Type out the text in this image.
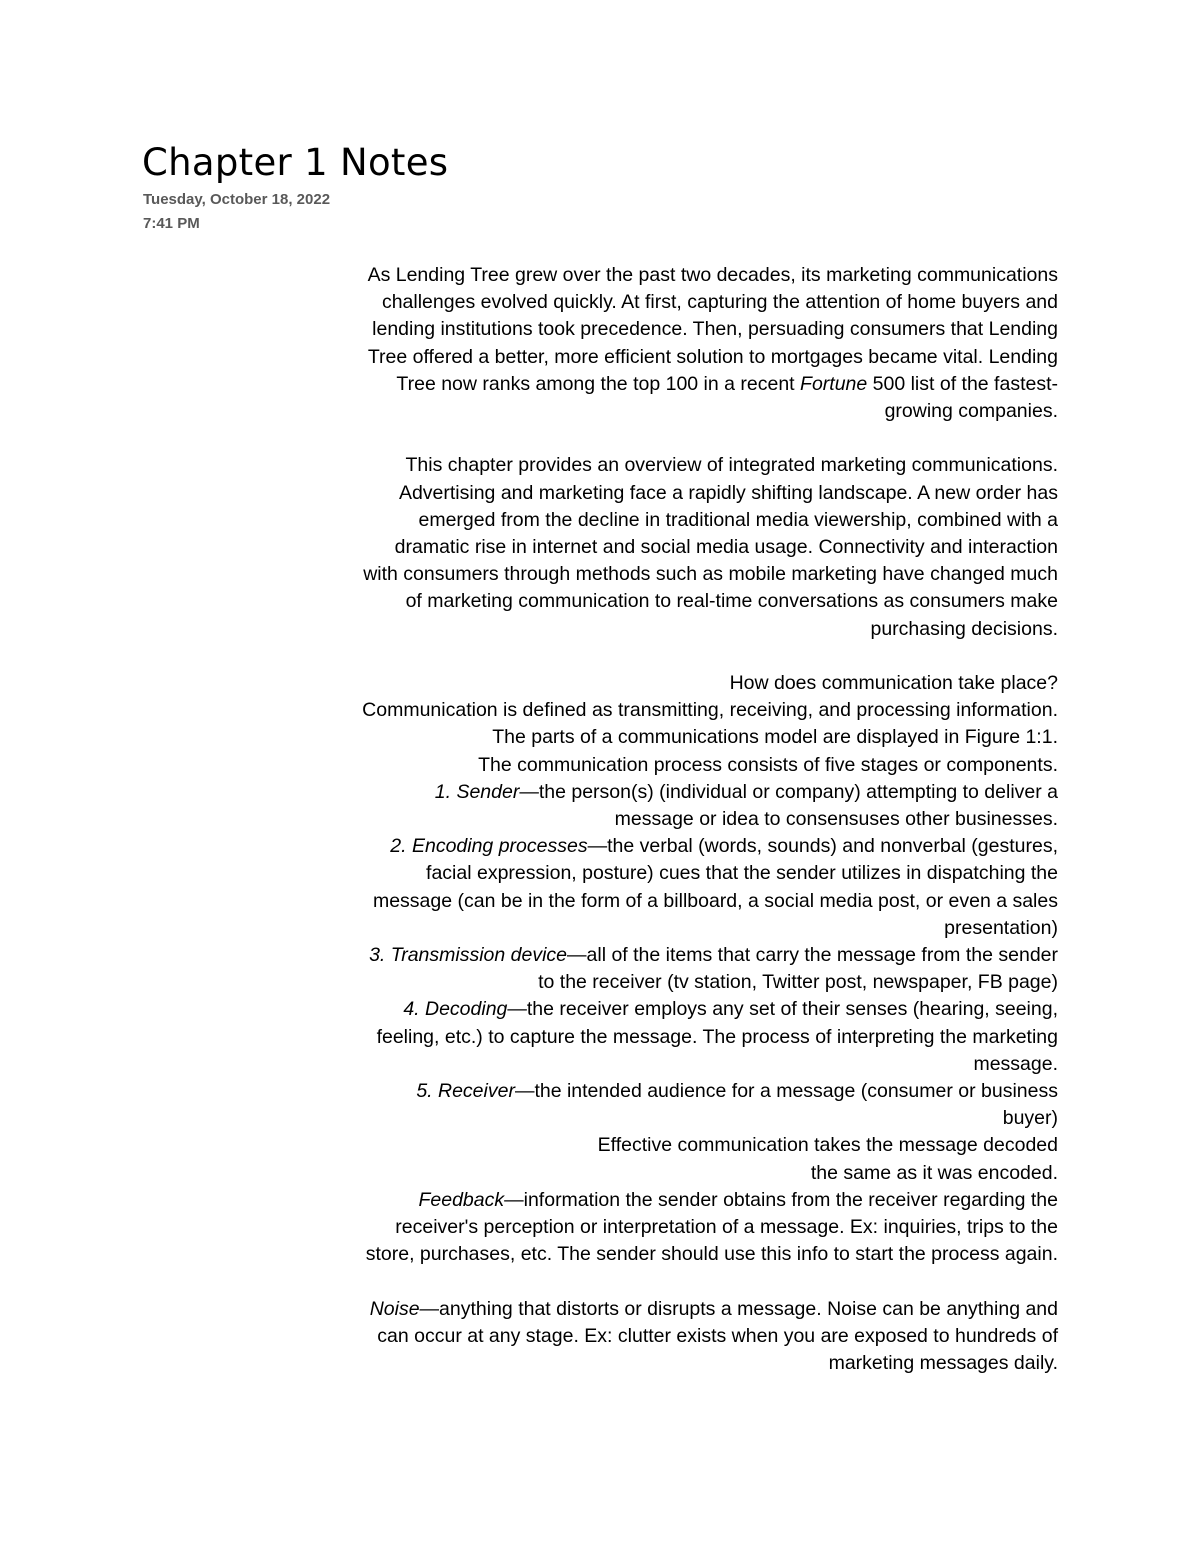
Chapter 1 Notes
Tuesday, October 18, 2022
7:41 PM

As Lending Tree grew over the past two decades, its marketing communications
challenges evolved quickly. At first, capturing the attention of home buyers and
lending institutions took precedence. Then, persuading consumers that Lending
Tree offered a better, more efficient solution to mortgages became vital. Lending
Tree now ranks among the top 100 in a recent Fortune 500 list of the fastest-
growing companies.

This chapter provides an overview of integrated marketing communications.
Advertising and marketing face a rapidly shifting landscape. A new order has
emerged from the decline in traditional media viewership, combined with a
dramatic rise in internet and social media usage. Connectivity and interaction
with consumers through methods such as mobile marketing have changed much
of marketing communication to real-time conversations as consumers make
purchasing decisions.

How does communication take place?
Communication is defined as transmitting, receiving, and processing information.
The parts of a communications model are displayed in Figure 1:1.
The communication process consists of five stages or components.
1. Sender—the person(s) (individual or company) attempting to deliver a
message or idea to consensuses other businesses.
2. Encoding processes—the verbal (words, sounds) and nonverbal (gestures,
facial expression, posture) cues that the sender utilizes in dispatching the
message (can be in the form of a billboard, a social media post, or even a sales
presentation)
3. Transmission device—all of the items that carry the message from the sender
to the receiver (tv station, Twitter post, newspaper, FB page)
4. Decoding—the receiver employs any set of their senses (hearing, seeing,
feeling, etc.) to capture the message. The process of interpreting the marketing
message.
5. Receiver—the intended audience for a message (consumer or business
buyer)
Effective communication takes the message decoded
the same as it was encoded.
Feedback—information the sender obtains from the receiver regarding the
receiver's perception or interpretation of a message. Ex: inquiries, trips to the
store, purchases, etc. The sender should use this info to start the process again.

Noise—anything that distorts or disrupts a message. Noise can be anything and
can occur at any stage. Ex: clutter exists when you are exposed to hundreds of
marketing messages daily.
